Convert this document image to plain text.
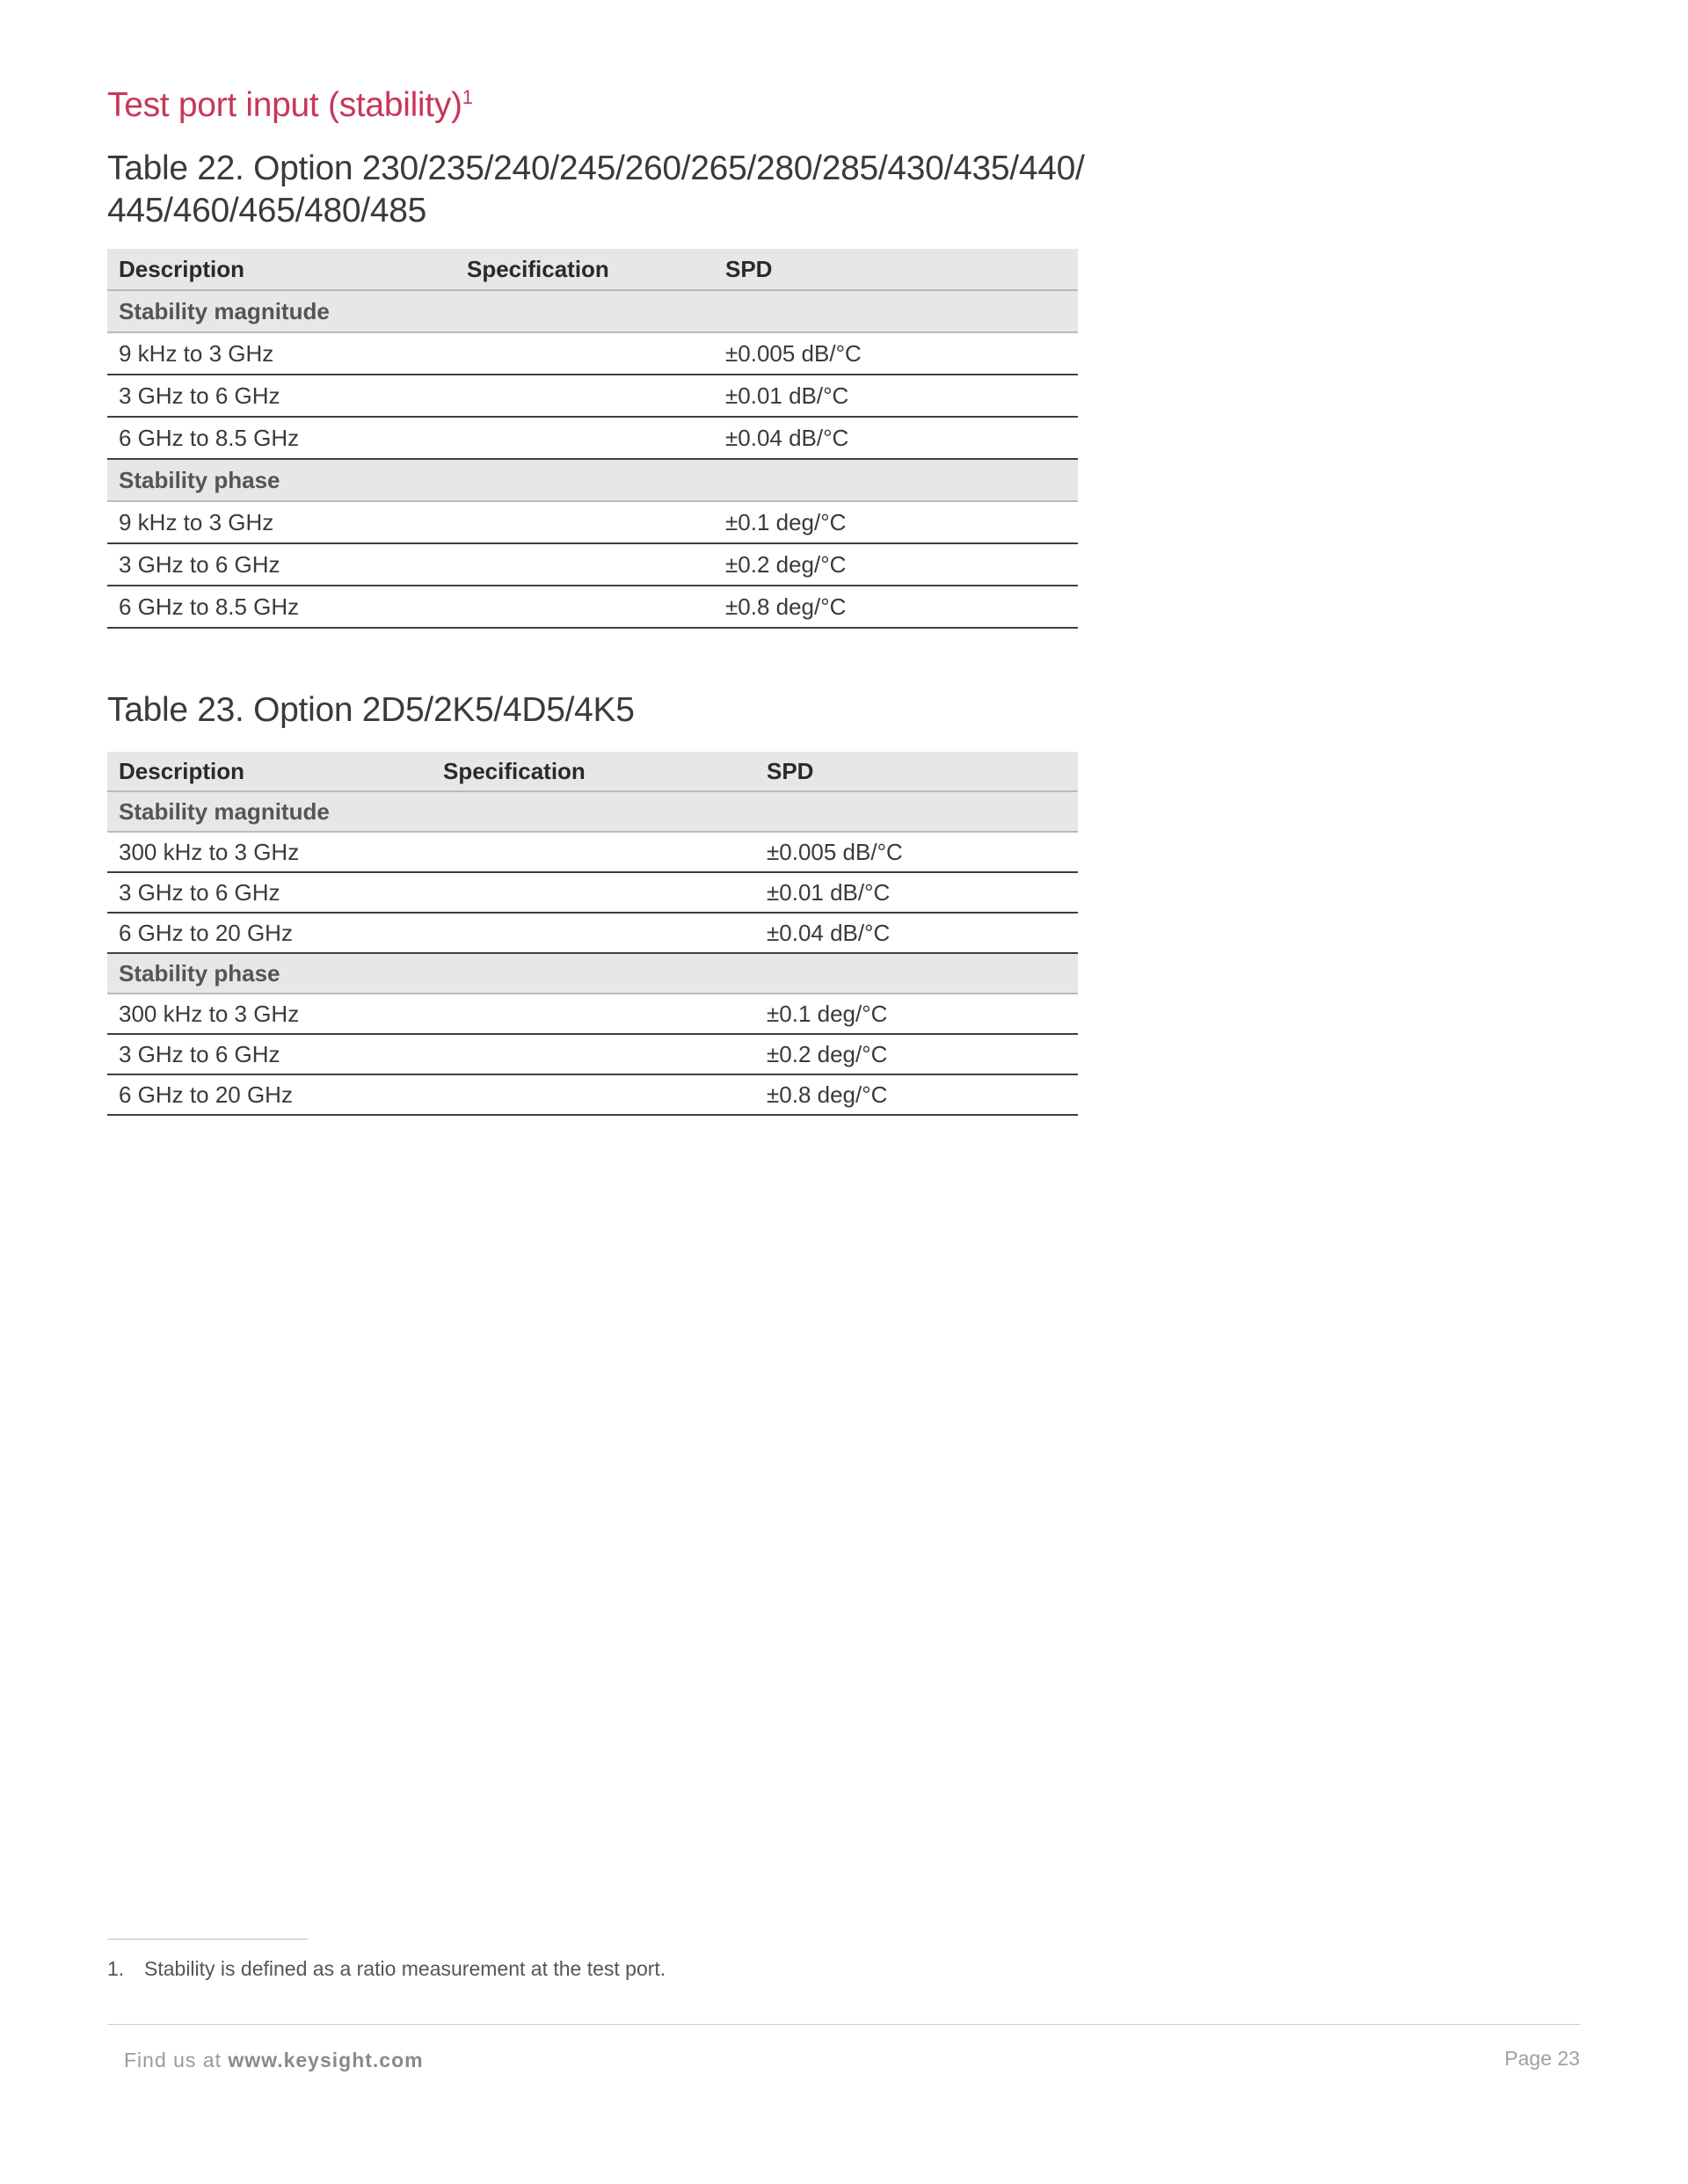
Test port input (stability)$^1$
Table 22. Option 230/235/240/245/260/265/280/285/430/435/440/
445/460/465/480/485
Description	Specification	SPD
Stability magnitude		
9 kHz to 3 GHz		±0.005 dB/°C
3 GHz to 6 GHz		±0.01 dB/°C
6 GHz to 8.5 GHz		±0.04 dB/°C
Stability phase		
9 kHz to 3 GHz		±0.1 deg/°C
3 GHz to 6 GHz		±0.2 deg/°C
6 GHz to 8.5 GHz		±0.8 deg/°C
Table 23. Option 2D5/2K5/4D5/4K5
Description	Specification	SPD
Stability magnitude		
300 kHz to 3 GHz		±0.005 dB/°C
3 GHz to 6 GHz		±0.01 dB/°C
6 GHz to 20 GHz		±0.04 dB/°C
Stability phase		
300 kHz to 3 GHz		±0.1 deg/°C
3 GHz to 6 GHz		±0.2 deg/°C
6 GHz to 20 GHz		±0.8 deg/°C
1. Stability is defined as a ratio measurement at the test port.
Find us at www.keysight.com	Page 23
